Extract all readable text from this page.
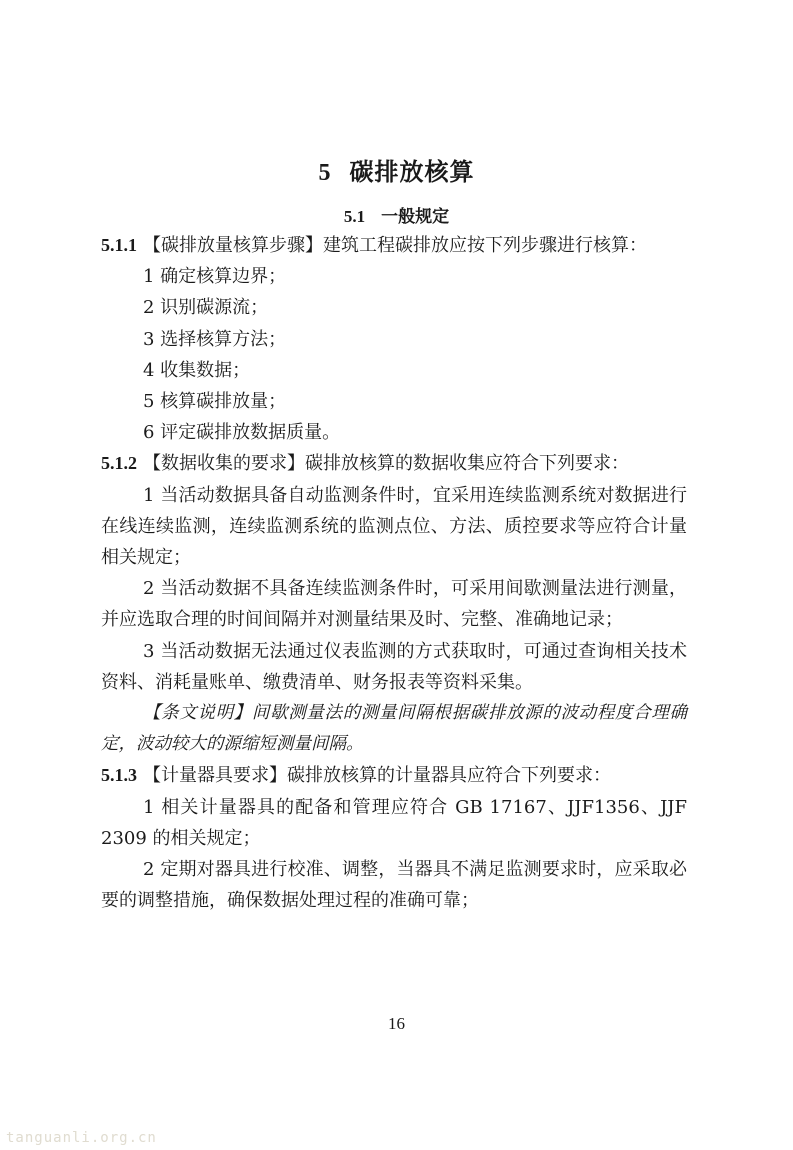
5 碳排放核算
5.1 一般规定

5.1.1 【碳排放量核算步骤】建筑工程碳排放应按下列步骤进行核算：

1 确定核算边界；

2 识别碳源流；

3 选择核算方法；

4 收集数据；

5 核算碳排放量；

6 评定碳排放数据质量。

5.1.2 【数据收集的要求】碳排放核算的数据收集应符合下列要求：

1 当活动数据具备自动监测条件时，宜采用连续监测系统对数据进行在线连续监测，连续监测系统的监测点位、方法、质控要求等应符合计量相关规定；

2 当活动数据不具备连续监测条件时，可采用间歇测量法进行测量，并应选取合理的时间间隔并对测量结果及时、完整、准确地记录；

3 当活动数据无法通过仪表监测的方式获取时，可通过查询相关技术资料、消耗量账单、缴费清单、财务报表等资料采集。

【条文说明】间歇测量法的测量间隔根据碳排放源的波动程度合理确定，波动较大的源缩短测量间隔。

5.1.3 【计量器具要求】碳排放核算的计量器具应符合下列要求：

1 相关计量器具的配备和管理应符合 GB 17167、JJF1356、JJF 2309 的相关规定；

2 定期对器具进行校准、调整，当器具不满足监测要求时，应采取必要的调整措施，确保数据处理过程的准确可靠；

16
tanguanli.org.cn
